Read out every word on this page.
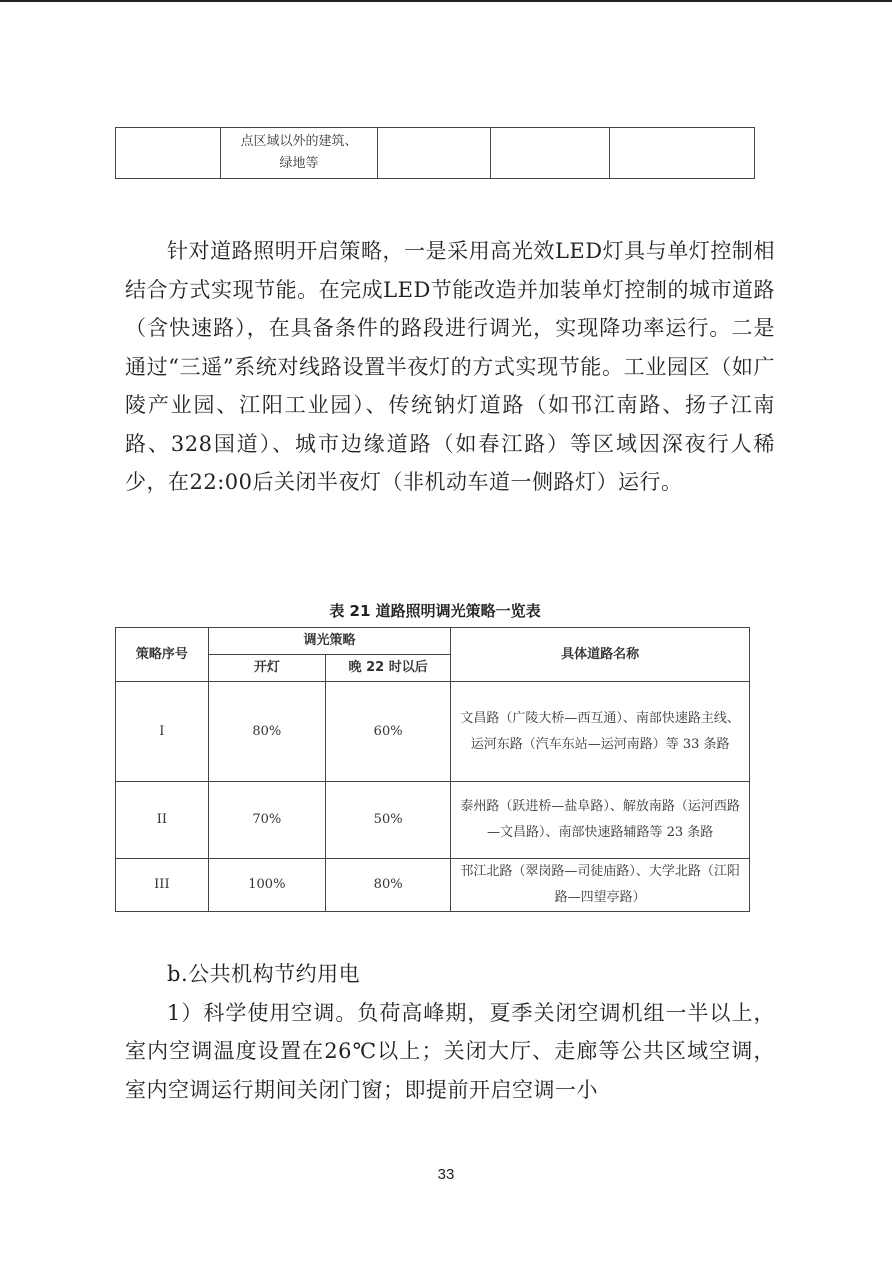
	点区域以外的建筑、
绿地等			

针对道路照明开启策略，一是采用高光效LED灯具与单灯控制相结合方式实现节能。在完成LED节能改造并加装单灯控制的城市道路（含快速路），在具备条件的路段进行调光，实现降功率运行。二是通过“三遥”系统对线路设置半夜灯的方式实现节能。工业园区（如广陵产业园、江阳工业园）、传统钠灯道路（如邗江南路、扬子江南路、328国道）、城市边缘道路（如春江路）等区域因深夜行人稀少，在22:00后关闭半夜灯（非机动车道一侧路灯）运行。

表 21 道路照明调光策略一览表
策略序号	调光策略		具体道路名称
	开灯	晚 22 时以后	
I	80%	60%	文昌路（广陵大桥—西互通）、南部快速路主线、运河东路（汽车东站—运河南路）等 33 条路
II	70%	50%	泰州路（跃进桥—盐阜路）、解放南路（运河西路—文昌路）、南部快速路辅路等 23 条路
III	100%	80%	邗江北路（翠岗路—司徒庙路）、大学北路（江阳路—四望亭路）

b.公共机构节约用电

1）科学使用空调。负荷高峰期，夏季关闭空调机组一半以上，室内空调温度设置在26℃以上；关闭大厅、走廊等公共区域空调，室内空调运行期间关闭门窗；即提前开启空调一小

33
